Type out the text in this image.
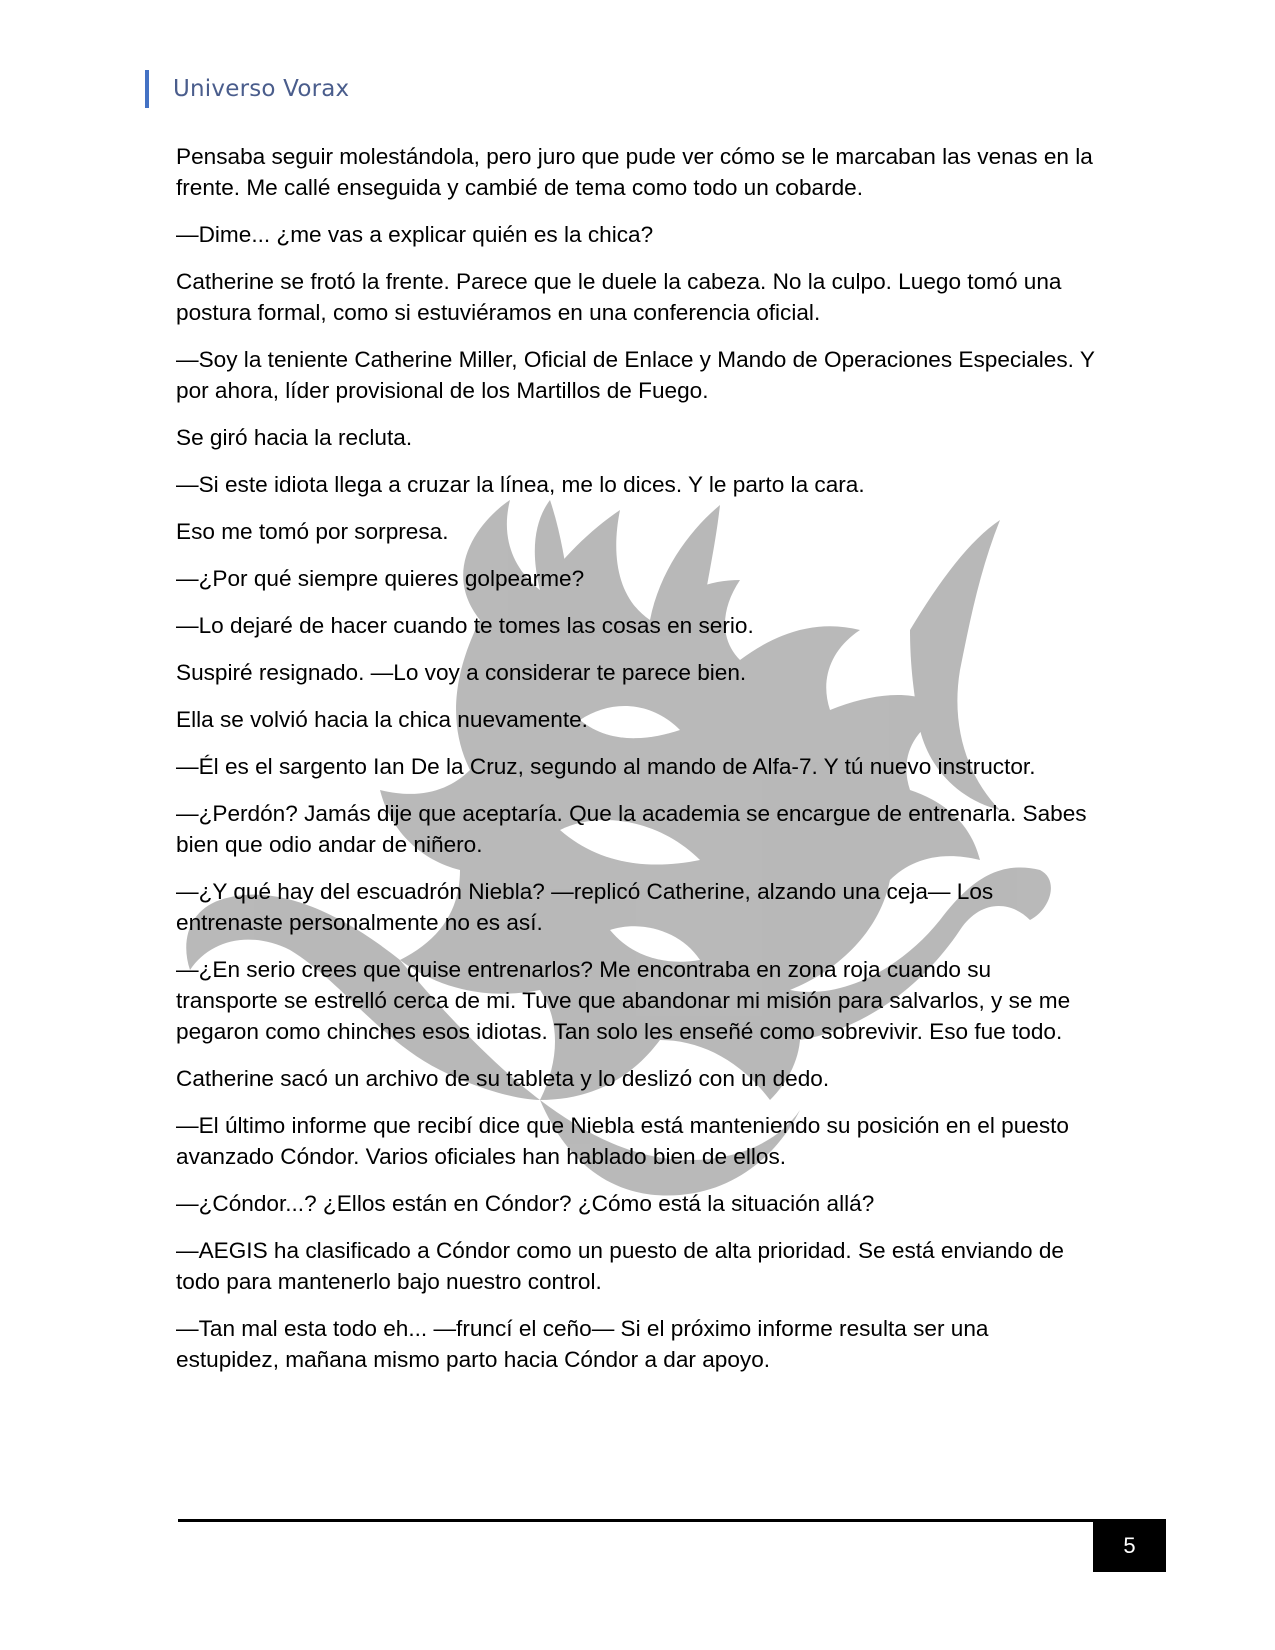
Universo Vorax

Pensaba seguir molestándola, pero juro que pude ver cómo se le marcaban las venas en la frente. Me callé enseguida y cambié de tema como todo un cobarde.

—Dime... ¿me vas a explicar quién es la chica?

Catherine se frotó la frente. Parece que le duele la cabeza. No la culpo. Luego tomó una postura formal, como si estuviéramos en una conferencia oficial.

—Soy la teniente Catherine Miller, Oficial de Enlace y Mando de Operaciones Especiales. Y por ahora, líder provisional de los Martillos de Fuego.

Se giró hacia la recluta.

—Si este idiota llega a cruzar la línea, me lo dices. Y le parto la cara.

Eso me tomó por sorpresa.

—¿Por qué siempre quieres golpearme?

—Lo dejaré de hacer cuando te tomes las cosas en serio.

Suspiré resignado. —Lo voy a considerar te parece bien.

Ella se volvió hacia la chica nuevamente.

—Él es el sargento Ian De la Cruz, segundo al mando de Alfa-7. Y tú nuevo instructor.

—¿Perdón? Jamás dije que aceptaría. Que la academia se encargue de entrenarla. Sabes bien que odio andar de niñero.

—¿Y qué hay del escuadrón Niebla? —replicó Catherine, alzando una ceja— Los entrenaste personalmente no es así.

—¿En serio crees que quise entrenarlos? Me encontraba en zona roja cuando su transporte se estrelló cerca de mi. Tuve que abandonar mi misión para salvarlos, y se me pegaron como chinches esos idiotas. Tan solo les enseñé como sobrevivir. Eso fue todo.

Catherine sacó un archivo de su tableta y lo deslizó con un dedo.

—El último informe que recibí dice que Niebla está manteniendo su posición en el puesto avanzado Cóndor. Varios oficiales han hablado bien de ellos.

—¿Cóndor...? ¿Ellos están en Cóndor? ¿Cómo está la situación allá?

—AEGIS ha clasificado a Cóndor como un puesto de alta prioridad. Se está enviando de todo para mantenerlo bajo nuestro control.

—Tan mal esta todo eh... —fruncí el ceño— Si el próximo informe resulta ser una estupidez, mañana mismo parto hacia Cóndor a dar apoyo.

5
